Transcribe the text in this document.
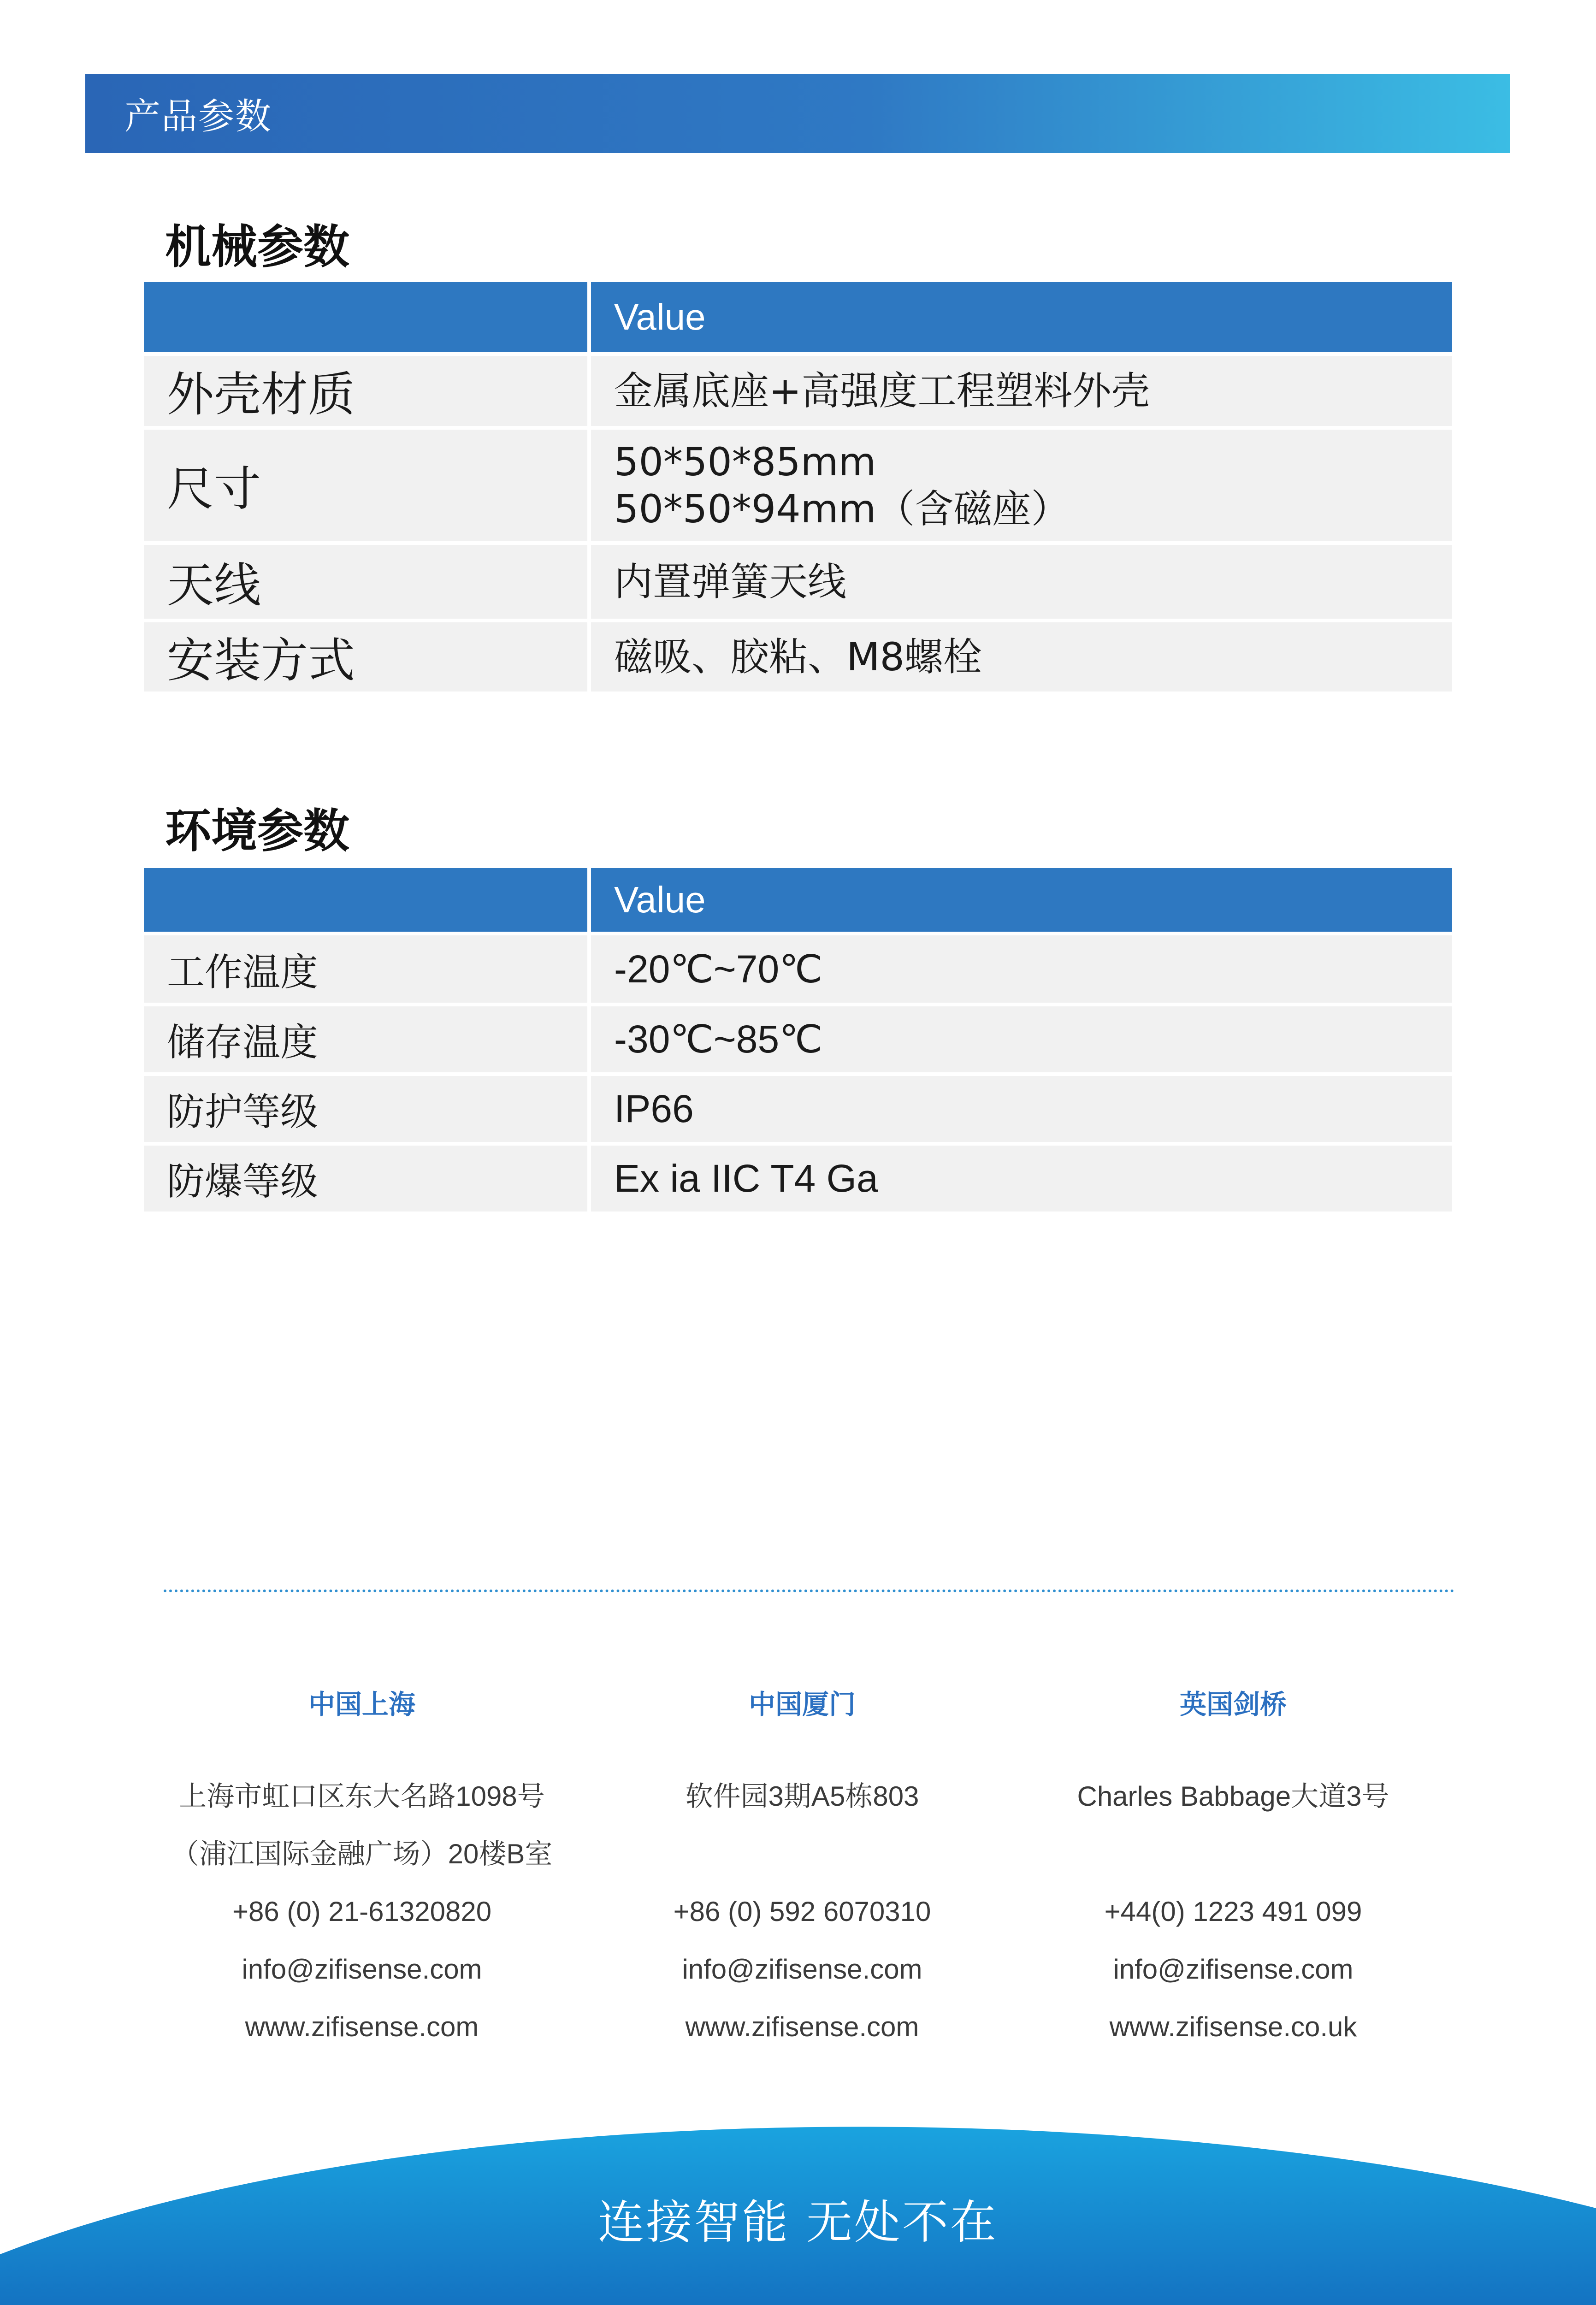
产品参数
机械参数
	Value
外壳材质	金属底座+高强度工程塑料外壳

尺寸	50*50*85mm
50*50*94mm（含磁座）

天线	内置弹簧天线

安装方式	磁吸、胶粘、M8螺栓
环境参数
	Value
工作温度	-20℃~70℃

储存温度	-30℃~85℃

防护等级	IP66

防爆等级	Ex ia IIC T4 Ga
中国上海
上海市虹口区东大名路1098号
（浦江国际金融广场）20楼B室
+86 (0) 21-61320820
info@zifisense.com
www.zifisense.com
中国厦门
软件园3期A5栋803
+86 (0) 592 6070310
info@zifisense.com
www.zifisense.com
英国剑桥
Charles Babbage大道3号
+44(0) 1223 491 099
info@zifisense.com
www.zifisense.co.uk
连接智能 无处不在
